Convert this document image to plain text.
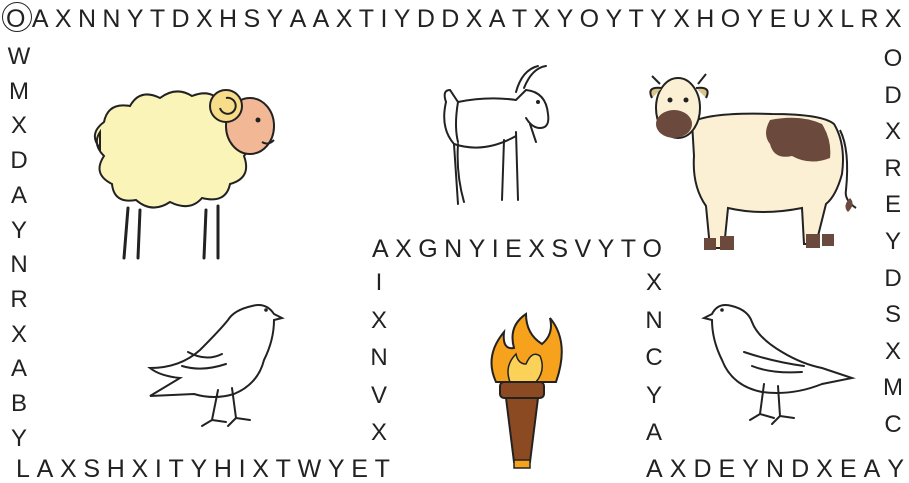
O A X N N Y T D X H S Y A A X T I Y D D X A T X Y O Y T Y X H O Y E U X L R X
W
M
X
D
A
Y
N
R
X
A
B
Y
O
D
X
R
E
Y
D
S
X
M
C
L A X S H X I T Y H I X T W Y E T	A X D E Y N D X E A Y
A X G N Y I E X S V Y T O
I
X
N
V
X
X
N
C
Y
A
